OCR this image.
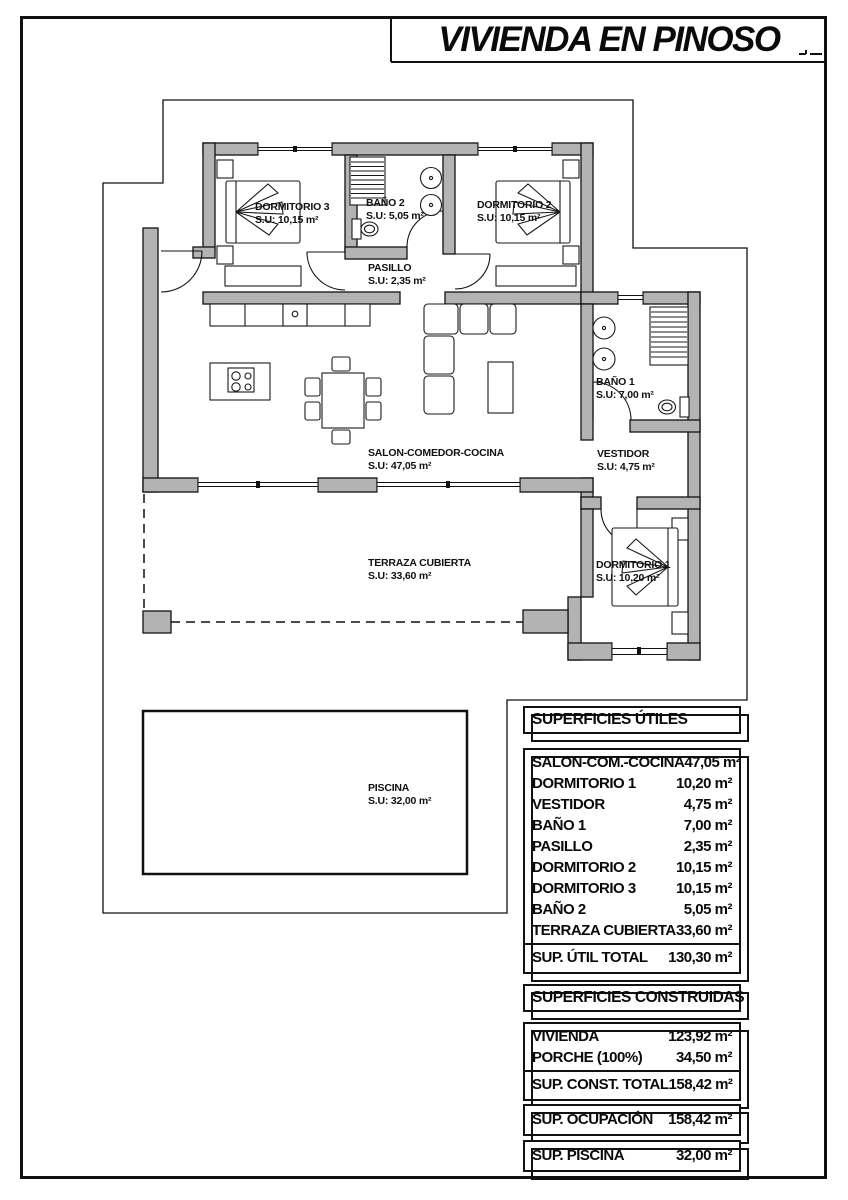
VIVIENDA EN PINOSO
DORMITORIO 3
S.U: 10,15 m²
BAÑO 2
S.U: 5,05 m²
DORMITORIO 2
S.U: 10,15 m²
PASILLO
S.U: 2,35 m²
SALON-COMEDOR-COCINA
S.U: 47,05 m²
BAÑO 1
S.U: 7,00 m²
VESTIDOR
S.U: 4,75 m²
DORMITORIO 1
S.U: 10,20 m²
TERRAZA CUBIERTA
S.U: 33,60 m²
PISCINA
S.U: 32,00 m²
SUPERFICIES ÚTILES
SALON-COM.-COCINA 47,05 m²
DORMITORIO 1	10,20 m²
VESTIDOR	4,75 m²
BAÑO 1	7,00 m²
PASILLO	2,35 m²
DORMITORIO 2	10,15 m²
DORMITORIO 3	10,15 m²
BAÑO 2	5,05 m²
TERRAZA CUBIERTA 33,60 m²
SUP. ÚTIL TOTAL 130,30 m²
SUPERFICIES CONSTRUIDAS
VIVIENDA	123,92 m²
PORCHE (100%) 34,50 m²
SUP. CONST. TOTAL 158,42 m²
SUP. OCUPACIÓN 158,42 m²
SUP. PISCINA	32,00 m²
